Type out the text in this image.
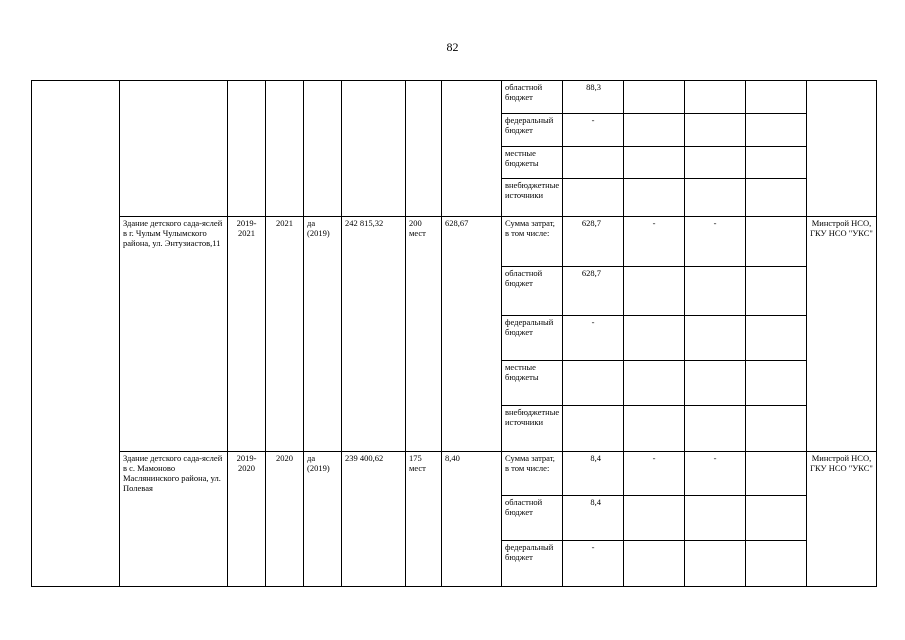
82
								областной бюджет	88,3				
								федеральный бюджет	-				
								местные бюджеты					
								внебюджетные источники					
	Здание детского сада-яслей в г. Чулым Чулымского района, ул. Энтузиастов,11	2019-2021	2021	да (2019)	242 815,32	200 мест	628,67	Сумма затрат, в том числе:	628,7	-	-		Минстрой НСО, ГКУ НСО "УКС"
								областной бюджет	628,7				
								федеральный бюджет	-				
								местные бюджеты					
								внебюджетные источники					
	Здание детского сада-яслей в с. Мамоново Маслянинского района, ул. Полевая	2019-2020	2020	да (2019)	239 400,62	175 мест	8,40	Сумма затрат, в том числе:	8,4	-	-		Минстрой НСО, ГКУ НСО "УКС"
								областной бюджет	8,4				
								федеральный бюджет	-				
